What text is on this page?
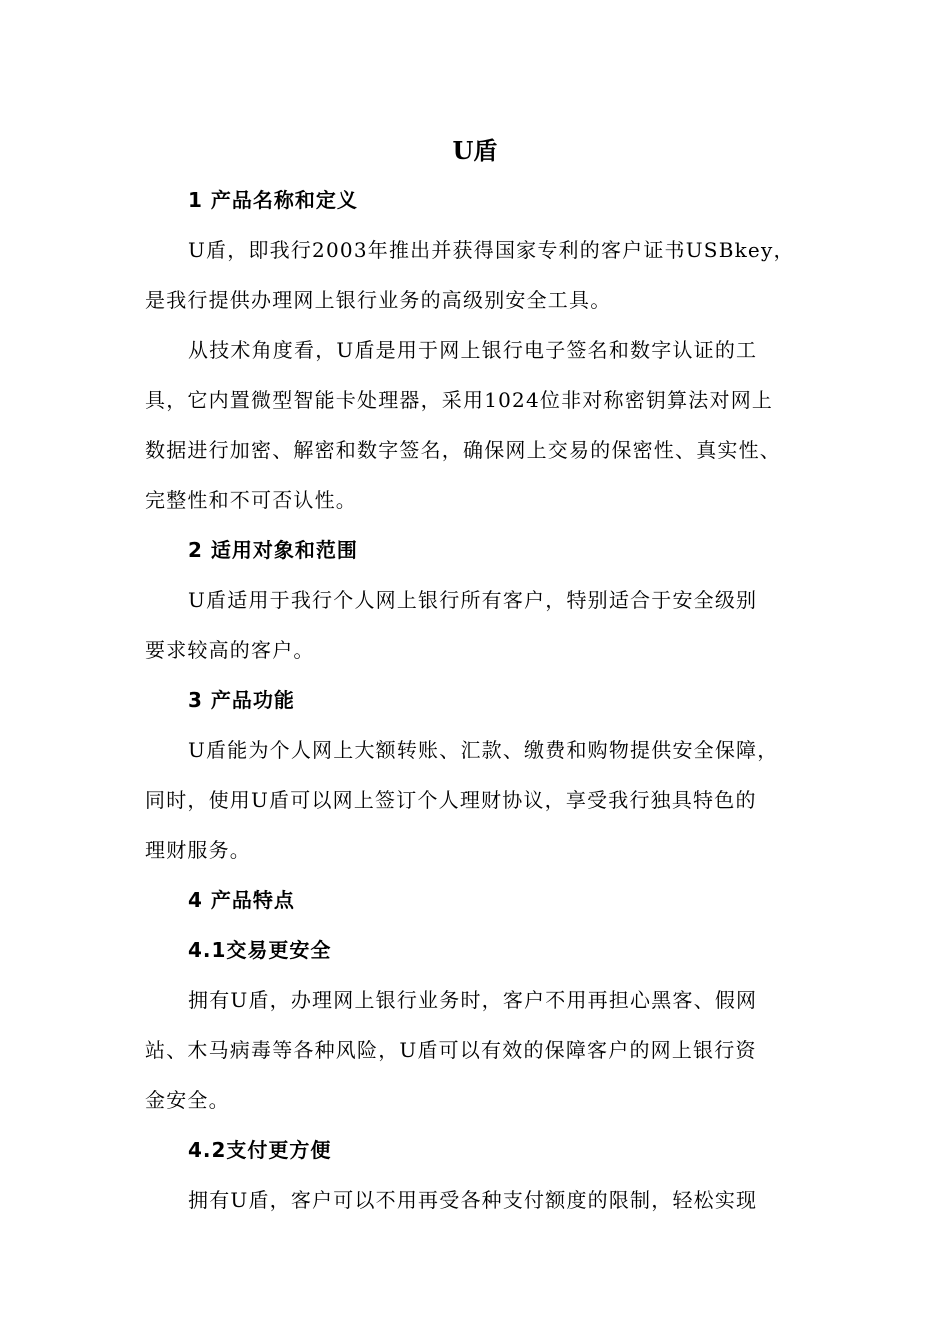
U盾
1 产品名称和定义
U盾，即我行2003年推出并获得国家专利的客户证书USBkey，
是我行提供办理网上银行业务的高级别安全工具。
从技术角度看，U盾是用于网上银行电子签名和数字认证的工
具，它内置微型智能卡处理器，采用1024位非对称密钥算法对网上
数据进行加密、解密和数字签名，确保网上交易的保密性、真实性、
完整性和不可否认性。
2 适用对象和范围
U盾适用于我行个人网上银行所有客户，特别适合于安全级别
要求较高的客户。
3 产品功能
U盾能为个人网上大额转账、汇款、缴费和购物提供安全保障，
同时，使用U盾可以网上签订个人理财协议，享受我行独具特色的
理财服务。
4 产品特点
4.1交易更安全
拥有U盾，办理网上银行业务时，客户不用再担心黑客、假网
站、木马病毒等各种风险，U盾可以有效的保障客户的网上银行资
金安全。
4.2支付更方便
拥有U盾，客户可以不用再受各种支付额度的限制，轻松实现
